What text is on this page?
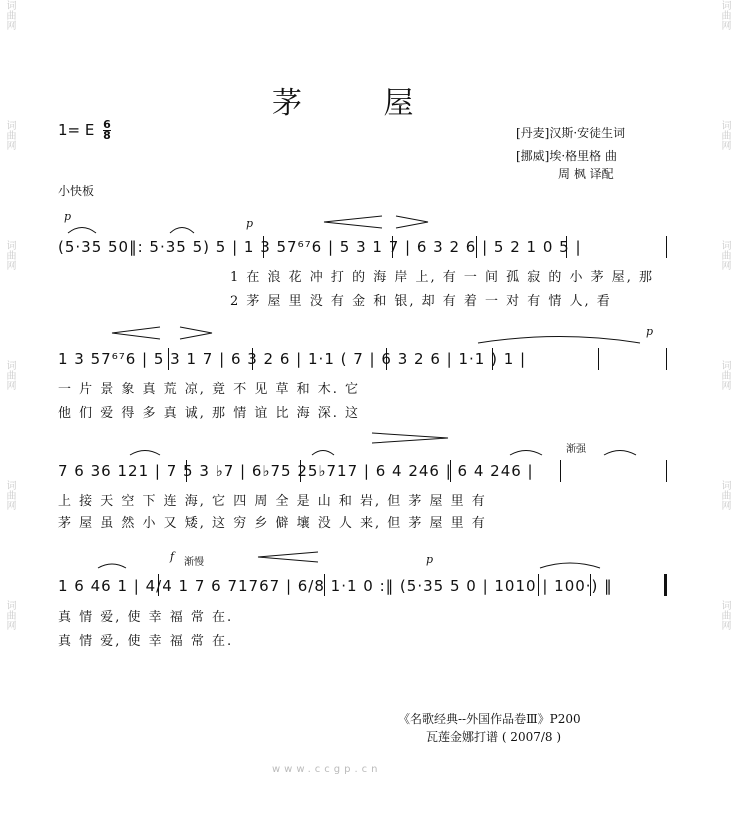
词曲网
词曲网
词曲网
词曲网
词曲网
词曲网
词曲网
词曲网
词曲网
词曲网
词曲网
词曲网
茅 屋
1= E $\frac{6}{8}$	[丹麦]汉斯·安徒生词
[挪威]埃·格里格 曲
周 枫 译配
小快板
p
p
(5·35 50‖: 5·35 5) 5 | 1 3 57⁶⁷6 | 5 3 1 7 | 6 3 2 6 | 5 2 1 0 5 |
1 在 浪 花 冲 打 的 海 岸 上, 有 一 间 孤 寂 的 小 茅 屋, 那
2 茅 屋 里 没 有 金 和 银, 却 有 着 一 对 有 情 人, 看
p
1 3 57⁶⁷6 | 5 3 1 7 | 6 3 2 6 | 1·1 ( 7 | 6 3 2 6 | 1·1 ) 1 |
一 片 景 象 真 荒 凉, 竟 不 见 草 和 木. 它
他 们 爱 得 多 真 诚, 那 情 谊 比 海 深. 这
渐强
7 6 36 121 | 7 5 3 ♭7 | 6♭75 25♭717 | 6 4 246 | 6 4 246 |
上 接 天 空 下 连 海, 它 四 周 全 是 山 和 岩, 但 茅 屋 里 有
茅 屋 虽 然 小 又 矮, 这 穷 乡 僻 壤 没 人 来, 但 茅 屋 里 有
f 渐慢	p
1 6 46 1 | 4/4 1 7 6 71767 | 6/8 1·1 0 :‖ (5·35 5 0 | 1010 | 100·) ‖
真 情 爱, 使 幸 福 常 在.
真 情 爱, 使 幸 福 常 在.
《名歌经典--外国作品卷Ⅲ》P200
瓦莲金娜打谱 ( 2007/8 )
www.ccgp.cn
